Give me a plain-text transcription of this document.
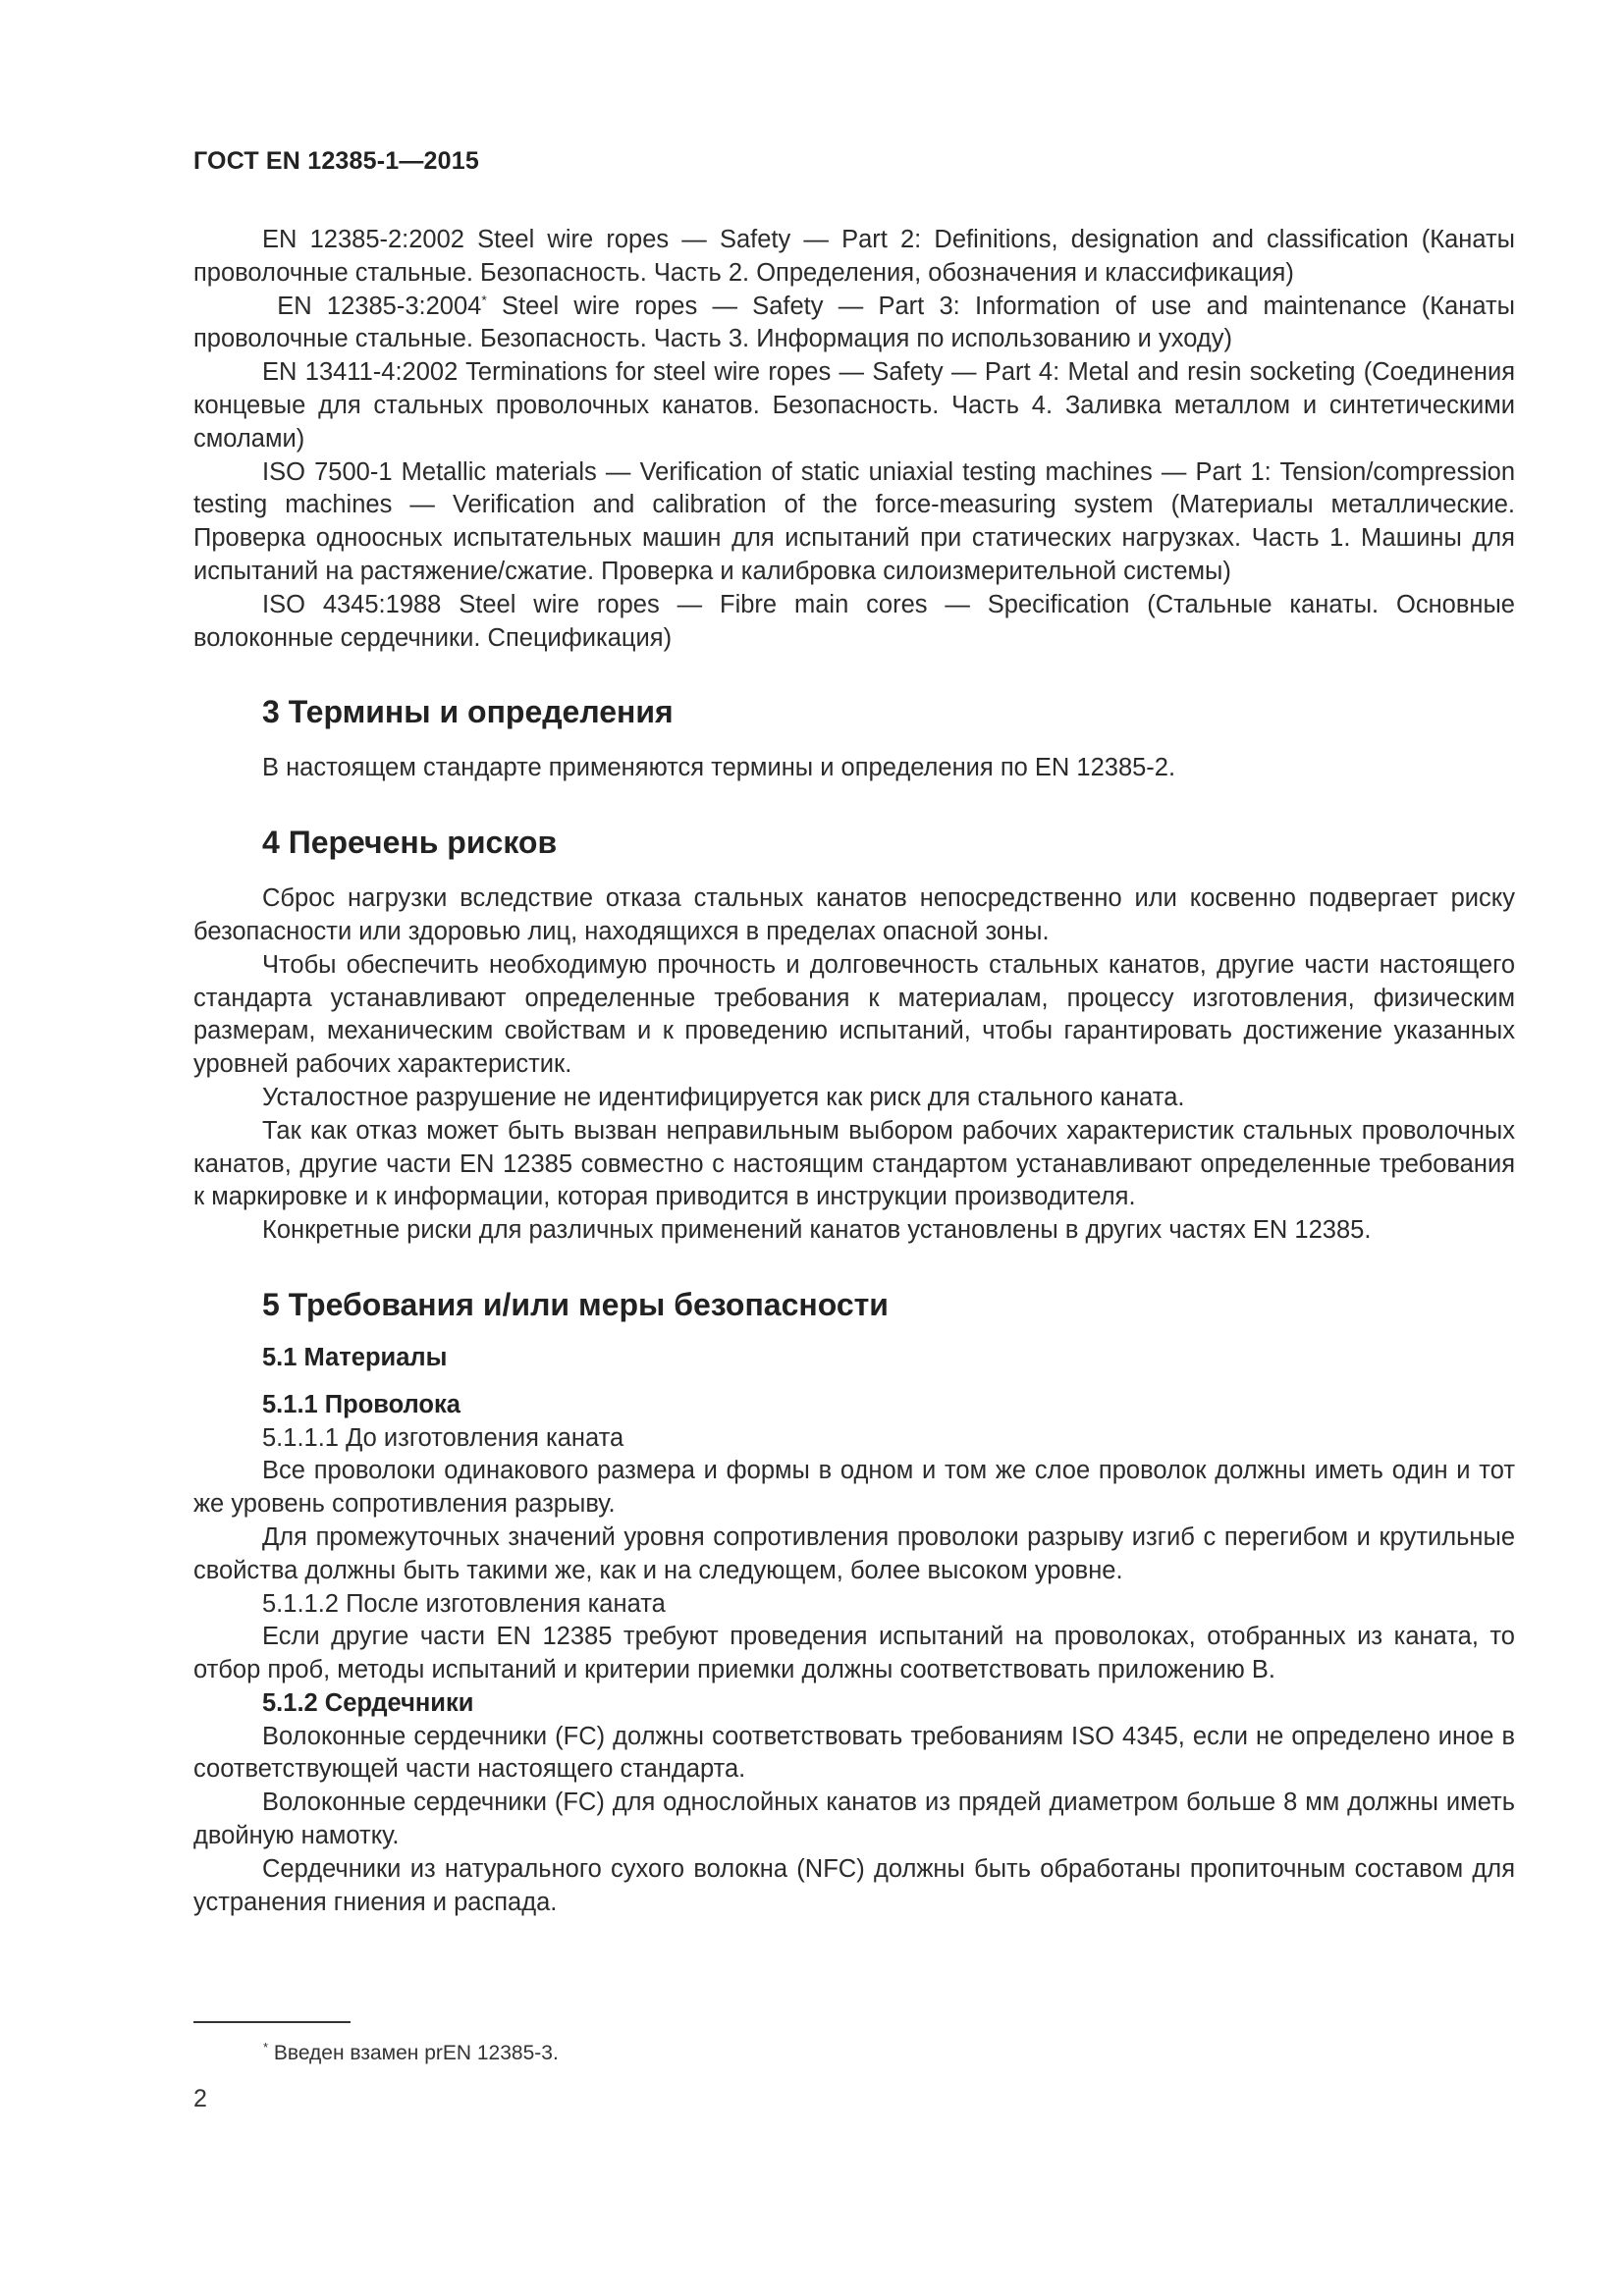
ГОСТ EN 12385-1—2015

EN 12385-2:2002 Steel wire ropes — Safety — Part 2: Definitions, designation and classification (Канаты проволочные стальные. Безопасность. Часть 2. Определения, обозначения и классификация)

EN 12385-3:2004* Steel wire ropes — Safety — Part 3: Information of use and maintenance (Канаты проволочные стальные. Безопасность. Часть 3. Информация по использованию и уходу)

EN 13411-4:2002 Terminations for steel wire ropes — Safety — Part 4: Metal and resin socketing (Соединения концевые для стальных проволочных канатов. Безопасность. Часть 4. Заливка металлом и синтетическими смолами)

ISO 7500-1 Metallic materials — Verification of static uniaxial testing machines — Part 1: Tension/compression testing machines — Verification and calibration of the force-measuring system (Материалы металлические. Проверка одноосных испытательных машин для испытаний при статических нагрузках. Часть 1. Машины для испытаний на растяжение/сжатие. Проверка и калибровка силоизмерительной системы)

ISO 4345:1988 Steel wire ropes — Fibre main cores — Specification (Стальные канаты. Основные волоконные сердечники. Спецификация)

3 Термины и определения

В настоящем стандарте применяются термины и определения по EN 12385-2.

4 Перечень рисков

Сброс нагрузки вследствие отказа стальных канатов непосредственно или косвенно подвергает риску безопасности или здоровью лиц, находящихся в пределах опасной зоны.

Чтобы обеспечить необходимую прочность и долговечность стальных канатов, другие части настоящего стандарта устанавливают определенные требования к материалам, процессу изготовления, физическим размерам, механическим свойствам и к проведению испытаний, чтобы гарантировать достижение указанных уровней рабочих характеристик.

Усталостное разрушение не идентифицируется как риск для стального каната.

Так как отказ может быть вызван неправильным выбором рабочих характеристик стальных проволочных канатов, другие части EN 12385 совместно с настоящим стандартом устанавливают определенные требования к маркировке и к информации, которая приводится в инструкции производителя.

Конкретные риски для различных применений канатов установлены в других частях EN 12385.

5 Требования и/или меры безопасности

5.1 Материалы

5.1.1 Проволока

5.1.1.1 До изготовления каната

Все проволоки одинакового размера и формы в одном и том же слое проволок должны иметь один и тот же уровень сопротивления разрыву.

Для промежуточных значений уровня сопротивления проволоки разрыву изгиб с перегибом и крутильные свойства должны быть такими же, как и на следующем, более высоком уровне.

5.1.1.2 После изготовления каната

Если другие части EN 12385 требуют проведения испытаний на проволоках, отобранных из каната, то отбор проб, методы испытаний и критерии приемки должны соответствовать приложению В.

5.1.2 Сердечники

Волоконные сердечники (FC) должны соответствовать требованиям ISO 4345, если не определено иное в соответствующей части настоящего стандарта.

Волоконные сердечники (FC) для однослойных канатов из прядей диаметром больше 8 мм должны иметь двойную намотку.

Сердечники из натурального сухого волокна (NFC) должны быть обработаны пропиточным составом для устранения гниения и распада.

* Введен взамен prEN 12385-3.
2
